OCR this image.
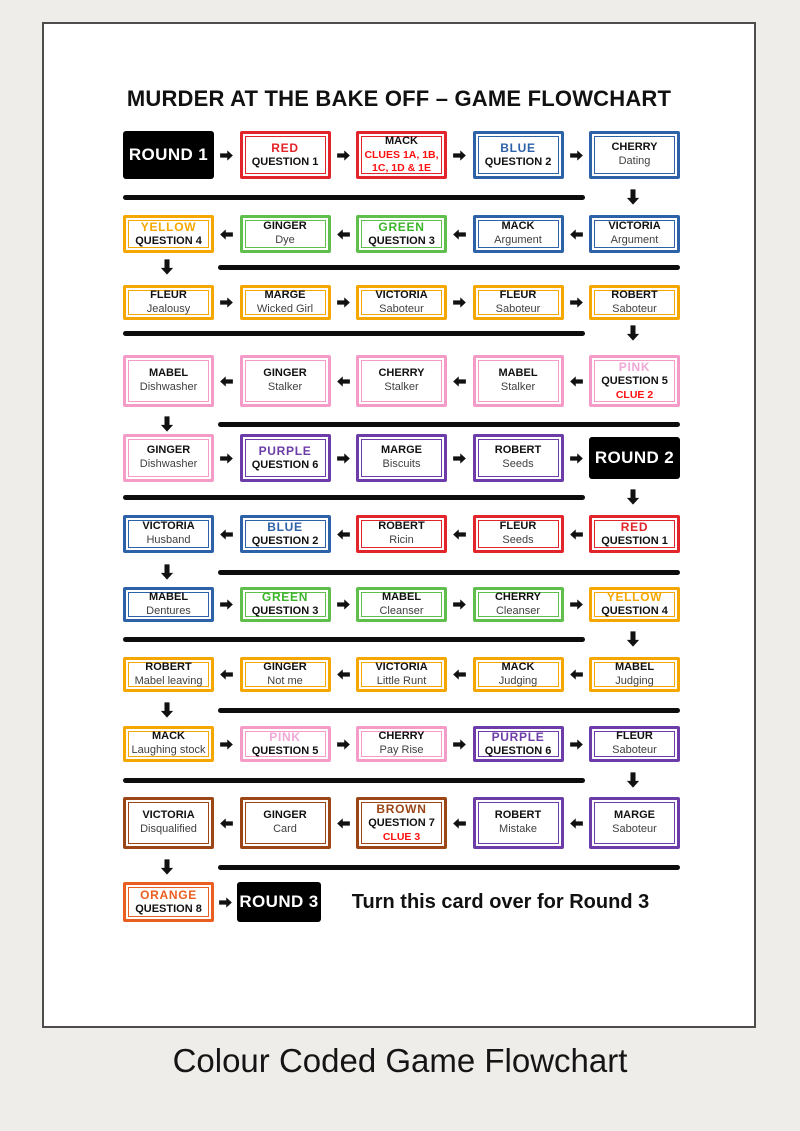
MURDER AT THE BAKE OFF – GAME FLOWCHART
ROUND 1	RED
QUESTION 1
MACK
CLUES 1A, 1B,
1C, 1D & 1E
BLUE
QUESTION 2
CHERRY
Dating
YELLOW
QUESTION 4
GINGER
Dye
GREEN
QUESTION 3
MACK
Argument
VICTORIA
Argument
FLEUR
Jealousy
MARGE
Wicked Girl
VICTORIA
Saboteur
FLEUR
Saboteur
ROBERT
Saboteur
MABEL
Dishwasher
GINGER
Stalker
CHERRY
Stalker
MABEL
Stalker
PINK
QUESTION 5
CLUE 2
GINGER
Dishwasher
PURPLE
QUESTION 6
MARGE
Biscuits
ROBERT
Seeds	ROUND 2
VICTORIA
Husband
BLUE
QUESTION 2
ROBERT
Ricin
FLEUR
Seeds
RED
QUESTION 1
MABEL
Dentures
GREEN
QUESTION 3
MABEL
Cleanser
CHERRY
Cleanser
YELLOW
QUESTION 4
ROBERT
Mabel leaving
GINGER
Not me
VICTORIA
Little Runt
MACK
Judging
MABEL
Judging
MACK
Laughing stock
PINK
QUESTION 5
CHERRY
Pay Rise
PURPLE
QUESTION 6
FLEUR
Saboteur
VICTORIA
Disqualified
GINGER
Card
BROWN
QUESTION 7
CLUE 3
ROBERT
Mistake
MARGE
Saboteur
ORANGE
QUESTION 8 ROUND 3	Turn this card over for Round 3
Colour Coded Game Flowchart
